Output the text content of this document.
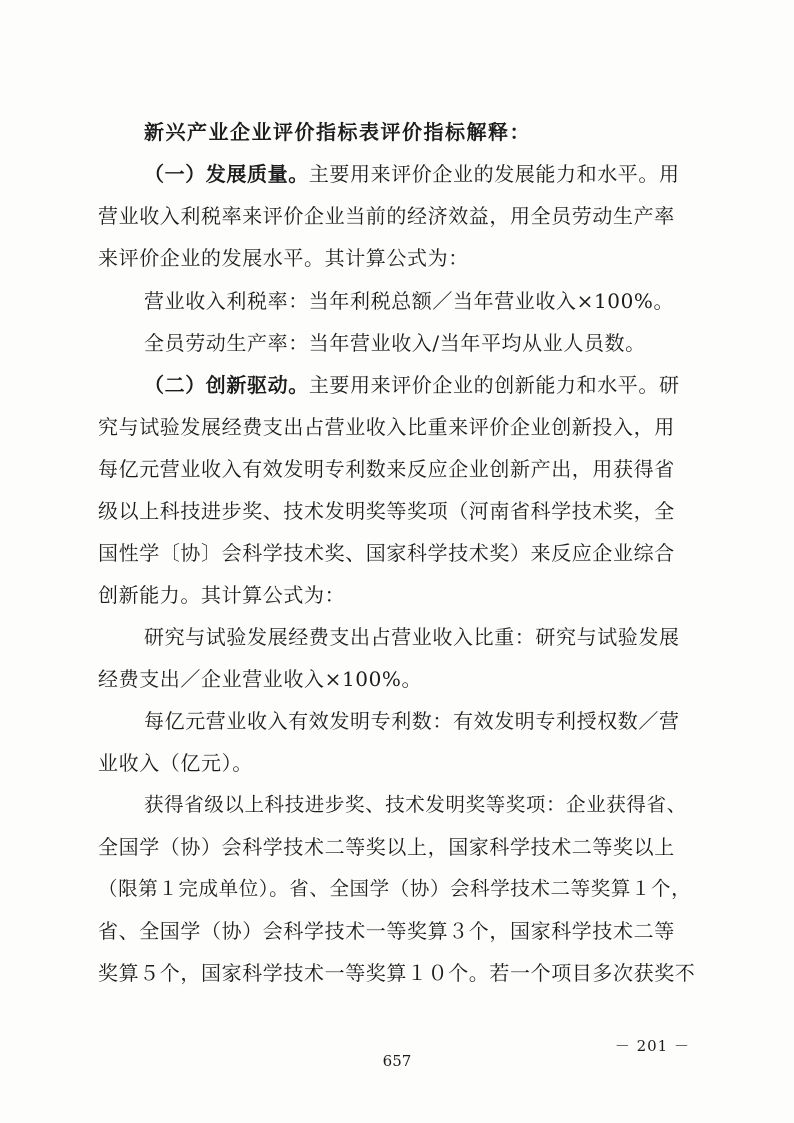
新兴产业企业评价指标表评价指标解释：
（一）发展质量。主要用来评价企业的发展能力和水平。用
营业收入利税率来评价企业当前的经济效益，用全员劳动生产率
来评价企业的发展水平。其计算公式为：
营业收入利税率：当年利税总额／当年营业收入×100%。
全员劳动生产率：当年营业收入/当年平均从业人员数。
（二）创新驱动。主要用来评价企业的创新能力和水平。研
究与试验发展经费支出占营业收入比重来评价企业创新投入，用
每亿元营业收入有效发明专利数来反应企业创新产出，用获得省
级以上科技进步奖、技术发明奖等奖项（河南省科学技术奖，全
国性学〔协〕会科学技术奖、国家科学技术奖）来反应企业综合
创新能力。其计算公式为：
研究与试验发展经费支出占营业收入比重：研究与试验发展
经费支出／企业营业收入×100%。
每亿元营业收入有效发明专利数：有效发明专利授权数／营
业收入（亿元）。
获得省级以上科技进步奖、技术发明奖等奖项：企业获得省、
全国学（协）会科学技术二等奖以上，国家科学技术二等奖以上
（限第１完成单位）。省、全国学（协）会科学技术二等奖算１个，
省、全国学（协）会科学技术一等奖算３个，国家科学技术二等
奖算５个，国家科学技术一等奖算１０个。若一个项目多次获奖不
－ 201 －
657
